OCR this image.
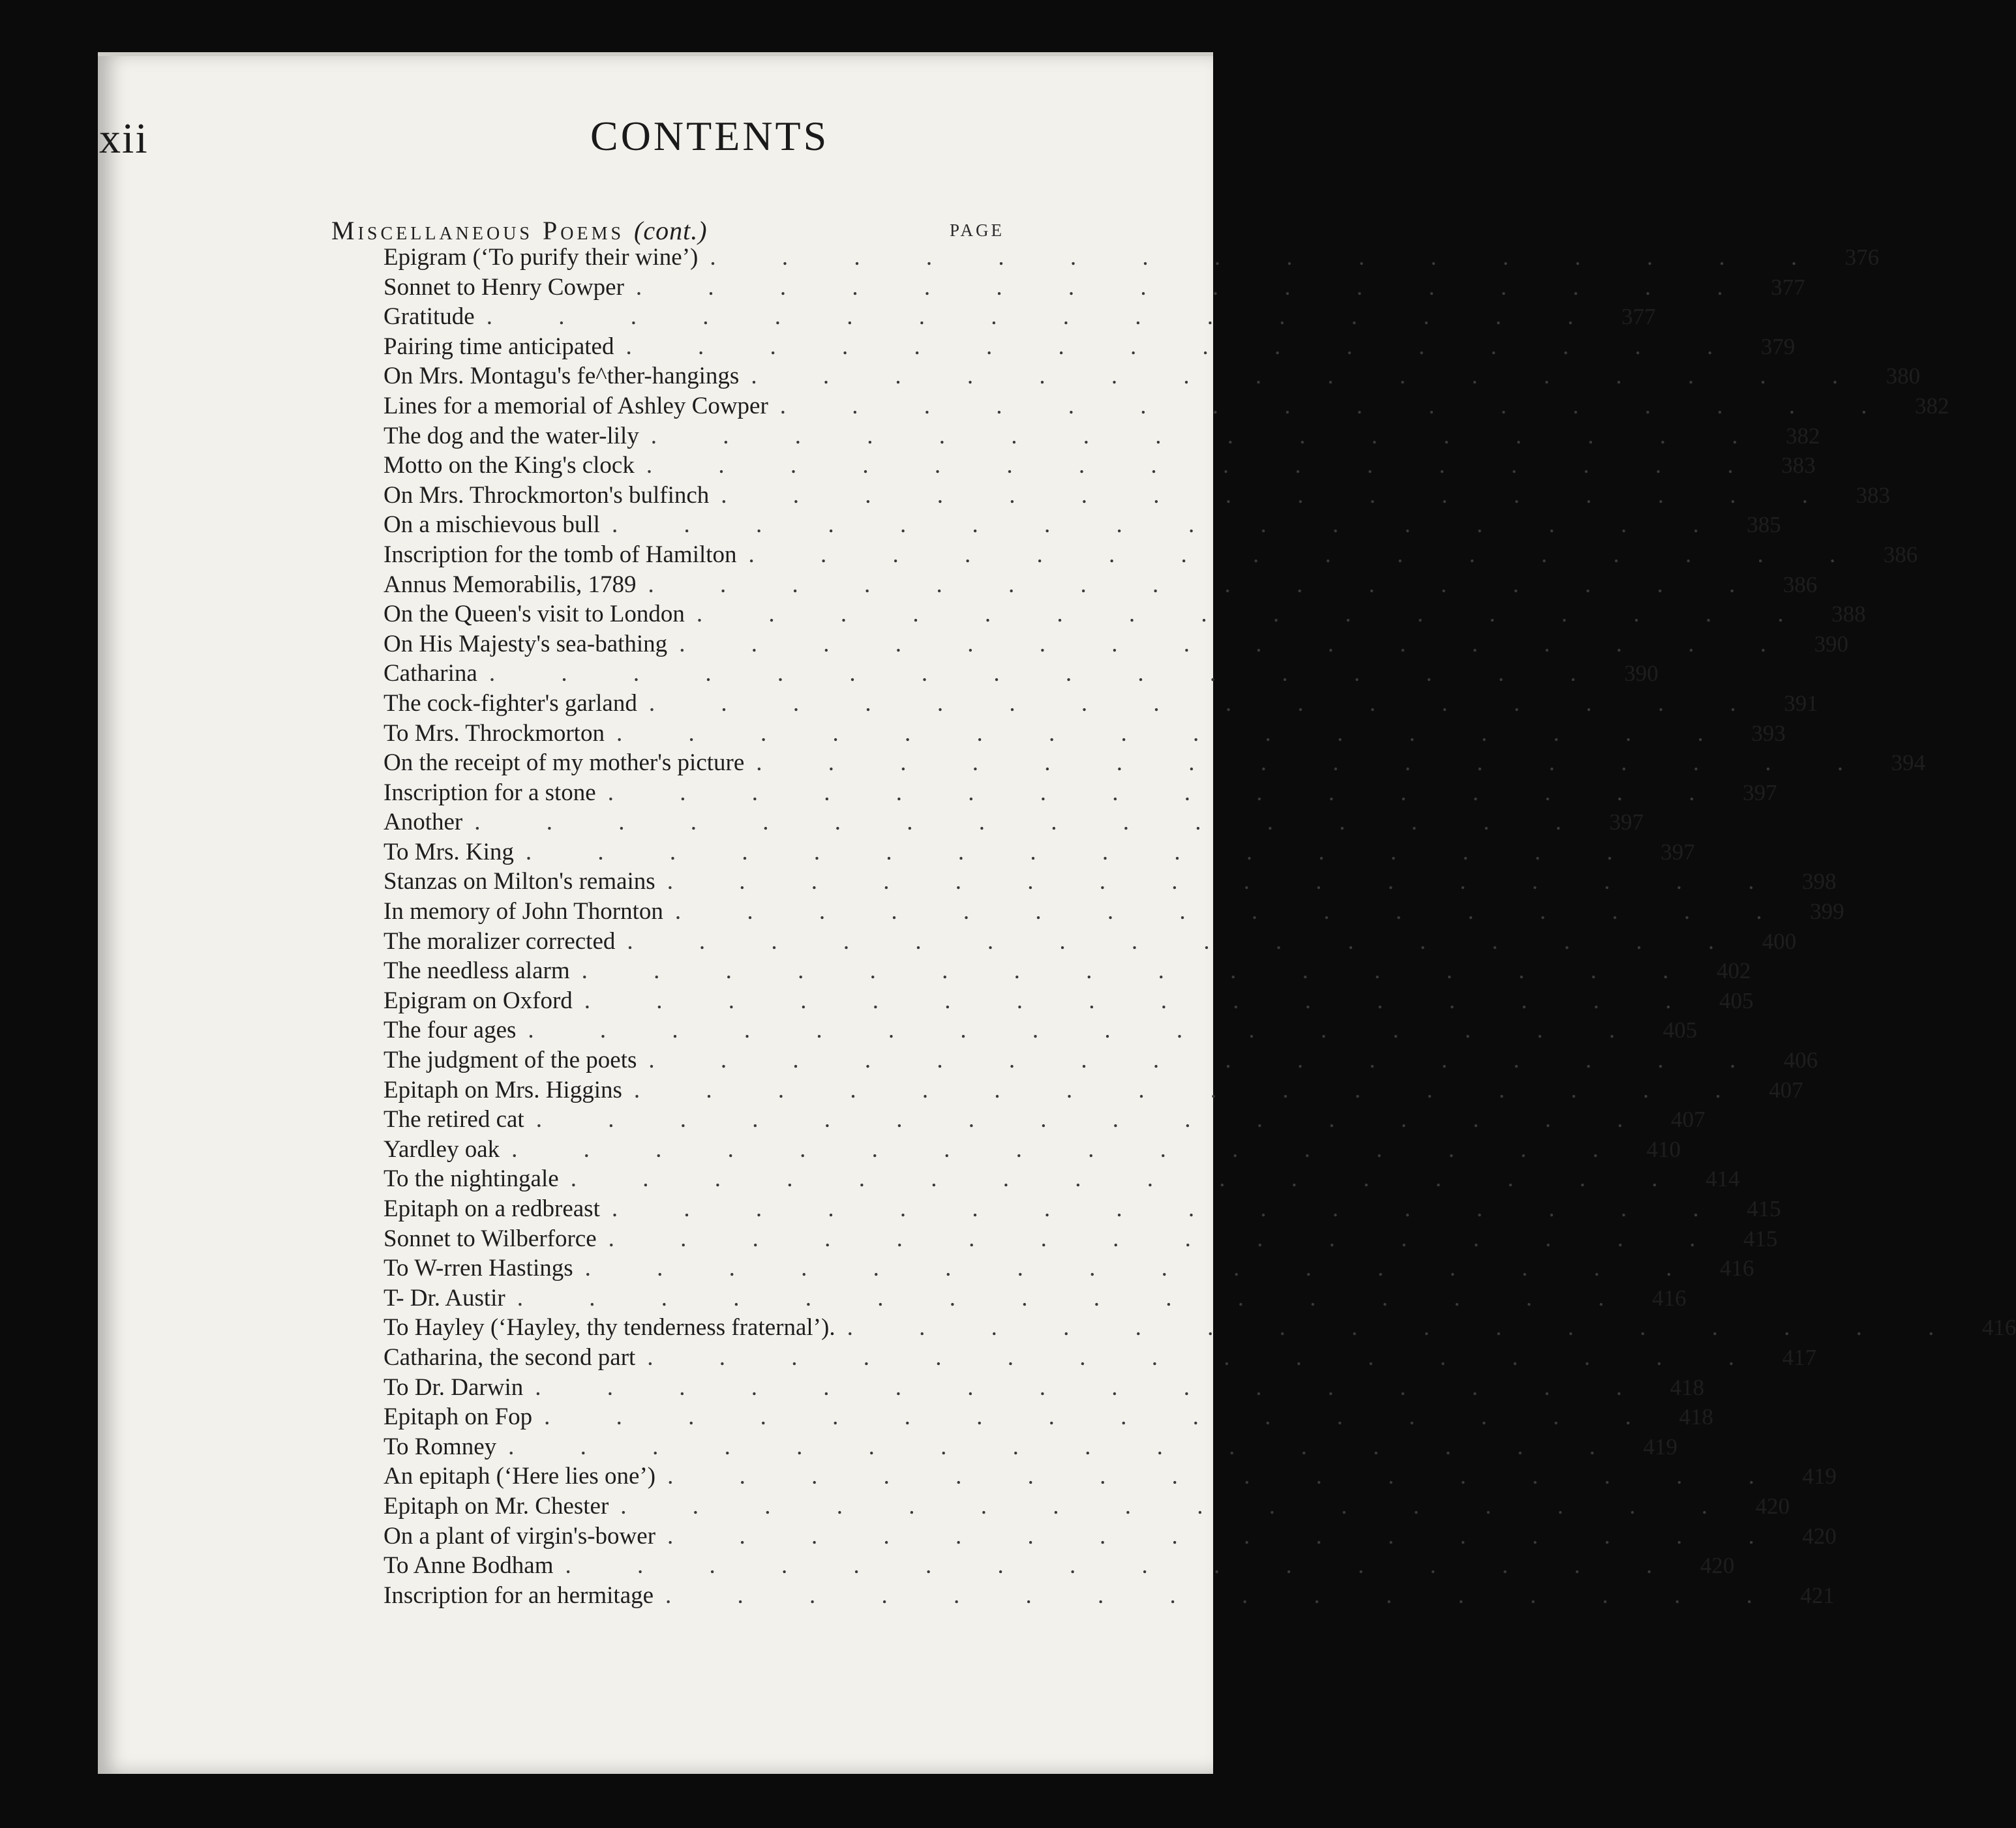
xii	CONTENTS
Miscellaneous Poems (cont.)	PAGE
Epigram (‘To purify their wine’) . . . . . . . . . . . . . . . . 376
Sonnet to Henry Cowper . . . . . . . . . . . . . . . . 377
Gratitude . . . . . . . . . . . . . . . . 377
Pairing time anticipated . . . . . . . . . . . . . . . . 379
On Mrs. Montagu's fe^ther-hangings . . . . . . . . . . . . . . . . 380
Lines for a memorial of Ashley Cowper . . . . . . . . . . . . . . . . 382
The dog and the water-lily . . . . . . . . . . . . . . . . 382
Motto on the King's clock . . . . . . . . . . . . . . . . 383
On Mrs. Throckmorton's bulfinch . . . . . . . . . . . . . . . . 383
On a mischievous bull . . . . . . . . . . . . . . . . 385
Inscription for the tomb of Hamilton . . . . . . . . . . . . . . . . 386
Annus Memorabilis, 1789 . . . . . . . . . . . . . . . . 386
On the Queen's visit to London . . . . . . . . . . . . . . . . 388
On His Majesty's sea-bathing . . . . . . . . . . . . . . . . 390
Catharina . . . . . . . . . . . . . . . . 390
The cock-fighter's garland . . . . . . . . . . . . . . . . 391
To Mrs. Throckmorton . . . . . . . . . . . . . . . . 393
On the receipt of my mother's picture . . . . . . . . . . . . . . . . 394
Inscription for a stone . . . . . . . . . . . . . . . . 397
Another . . . . . . . . . . . . . . . . 397
To Mrs. King . . . . . . . . . . . . . . . . 397
Stanzas on Milton's remains . . . . . . . . . . . . . . . . 398
In memory of John Thornton . . . . . . . . . . . . . . . . 399
The moralizer corrected . . . . . . . . . . . . . . . . 400
The needless alarm . . . . . . . . . . . . . . . . 402
Epigram on Oxford . . . . . . . . . . . . . . . . 405
The four ages . . . . . . . . . . . . . . . . 405
The judgment of the poets . . . . . . . . . . . . . . . . 406
Epitaph on Mrs. Higgins . . . . . . . . . . . . . . . . 407
The retired cat . . . . . . . . . . . . . . . . 407
Yardley oak . . . . . . . . . . . . . . . . 410
To the nightingale . . . . . . . . . . . . . . . . 414
Epitaph on a redbreast . . . . . . . . . . . . . . . . 415
Sonnet to Wilberforce . . . . . . . . . . . . . . . . 415
To W-rren Hastings . . . . . . . . . . . . . . . . 416
T- Dr. Austir . . . . . . . . . . . . . . . . 416
To Hayley (‘Hayley, thy tenderness fraternal’). . . . . . . . . . . . . . . . . 416
Catharina, the second part . . . . . . . . . . . . . . . . 417
To Dr. Darwin . . . . . . . . . . . . . . . . 418
Epitaph on Fop . . . . . . . . . . . . . . . . 418
To Romney . . . . . . . . . . . . . . . . 419
An epitaph (‘Here lies one’) . . . . . . . . . . . . . . . . 419
Epitaph on Mr. Chester . . . . . . . . . . . . . . . . 420
On a plant of virgin's-bower . . . . . . . . . . . . . . . . 420
To Anne Bodham . . . . . . . . . . . . . . . . 420
Inscription for an hermitage . . . . . . . . . . . . . . . . 421
